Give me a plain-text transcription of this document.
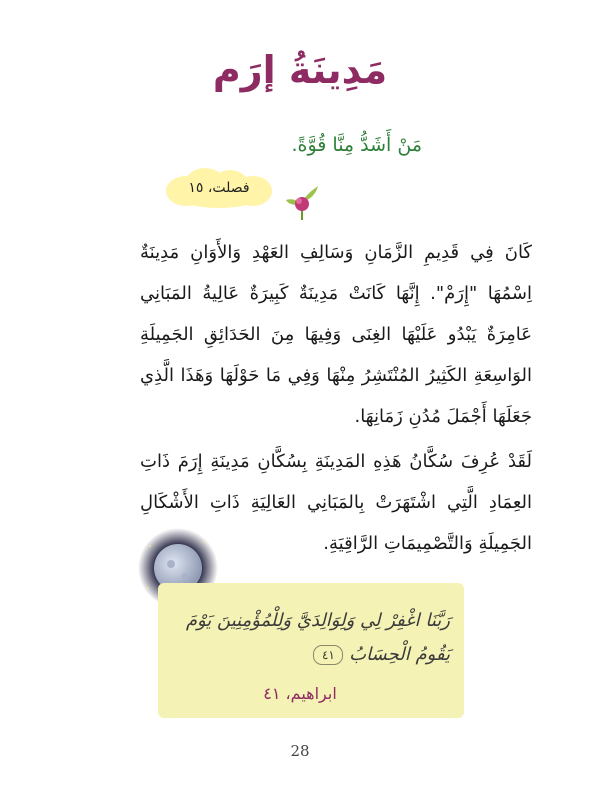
مَدِينَةُ إرَم
مَنْ أَشَدُّ مِنَّا قُوَّةً.
فصلت، ١٥

كَانَ فِي قَدِيمِ الزَّمَانِ وَسَالِفِ العَهْدِ وَالأَوَانِ مَدِينَةٌ اِسْمُهَا "إِرَمْ". إِنَّهَا كَانَتْ مَدِينَةٌ كَبِيرَةٌ عَالِيةُ المَبَانِي عَامِرَةٌ يَبْدُو عَلَيْهَا الغِنَى وَفِيهَا مِنَ الحَدَائِقِ الجَمِيلَةِ الوَاسِعَةِ الكَثِيرُ المُنْتَشِرُ مِنْهَا وَفِي مَا حَوْلَهَا وَهَذَا الَّذِي جَعَلَهَا أَجْمَلَ مُدُنِ زَمَانِهَا.

لَقَدْ عُرِفَ سُكَّانُ هَذِهِ المَدِينَةِ بِسُكَّانِ مَدِينَةِ إِرَمَ ذَاتِ العِمَادِ الَّتِي اشْتَهَرَتْ بِالمَبَانِي العَالِيَةِ ذَاتِ الأَشْكَالِ الجَمِيلَةِ وَالتَّصْمِيمَاتِ الرَّاقِيَةِ.

رَبَّنَا اغْفِرْ لِي وَلِوَالِدَيَّ وَلِلْمُؤْمِنِينَ يَوْمَ
يَقُومُ الْحِسَابُ ٤١
ابراهيم، ٤١
28
